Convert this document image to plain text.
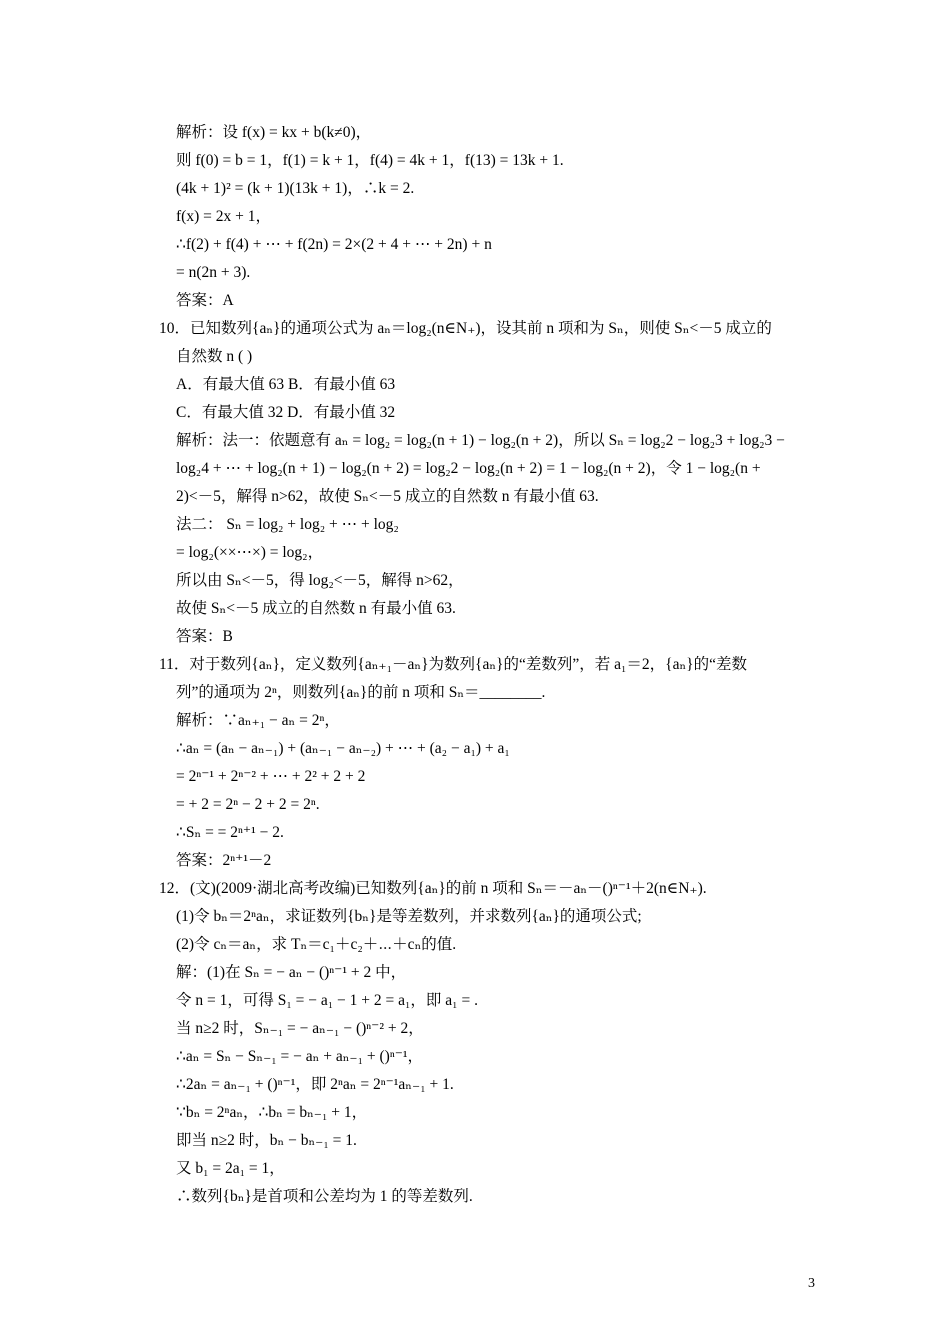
解析：设 f(x) = kx + b(k≠0)，
则 f(0) = b = 1，f(1) = k + 1，f(4) = 4k + 1，f(13) = 13k + 1.
(4k + 1)² = (k + 1)(13k + 1)，∴k = 2.
f(x) = 2x + 1，
∴f(2) + f(4) + ⋯ + f(2n) = 2×(2 + 4 + ⋯ + 2n) + n
= n(2n + 3).
答案：A
10．已知数列{aₙ}的通项公式为 aₙ＝log₂(n∈N₊)，设其前 n 项和为 Sₙ，则使 Sₙ<－5 成立的
自然数 n ( )
A．有最大值 63 B．有最小值 63
C．有最大值 32 D．有最小值 32
解析：法一：依题意有 aₙ = log₂ = log₂(n + 1) − log₂(n + 2)，所以 Sₙ = log₂2 − log₂3 + log₂3 −
log₂4 + ⋯ + log₂(n + 1) − log₂(n + 2) = log₂2 − log₂(n + 2) = 1 − log₂(n + 2)，令 1 − log₂(n +
2)<－5，解得 n>62，故使 Sₙ<－5 成立的自然数 n 有最小值 63.
法二： Sₙ = log₂ + log₂ + ⋯ + log₂
= log₂(××⋯×) = log₂，
所以由 Sₙ<－5，得 log₂<－5，解得 n>62，
故使 Sₙ<－5 成立的自然数 n 有最小值 63.
答案：B
11．对于数列{aₙ}，定义数列{aₙ₊₁－aₙ}为数列{aₙ}的“差数列”，若 a₁＝2，{aₙ}的“差数
列”的通项为 2ⁿ，则数列{aₙ}的前 n 项和 Sₙ＝________.
解析：∵aₙ₊₁ − aₙ = 2ⁿ，
∴aₙ = (aₙ − aₙ₋₁) + (aₙ₋₁ − aₙ₋₂) + ⋯ + (a₂ − a₁) + a₁
= 2ⁿ⁻¹ + 2ⁿ⁻² + ⋯ + 2² + 2 + 2
= + 2 = 2ⁿ − 2 + 2 = 2ⁿ.
∴Sₙ = = 2ⁿ⁺¹ − 2.
答案：2ⁿ⁺¹－2
12．(文)(2009·湖北高考改编)已知数列{aₙ}的前 n 项和 Sₙ＝－aₙ－()ⁿ⁻¹＋2(n∈N₊).
(1)令 bₙ＝2ⁿaₙ，求证数列{bₙ}是等差数列，并求数列{aₙ}的通项公式;
(2)令 cₙ＝aₙ，求 Tₙ＝c₁＋c₂＋⋯＋cₙ的值.
解：(1)在 Sₙ = − aₙ − ()ⁿ⁻¹ + 2 中，
令 n = 1，可得 S₁ = − a₁ − 1 + 2 = a₁，即 a₁ = .
当 n≥2 时，Sₙ₋₁ = − aₙ₋₁ − ()ⁿ⁻² + 2，
∴aₙ = Sₙ − Sₙ₋₁ = − aₙ + aₙ₋₁ + ()ⁿ⁻¹，
∴2aₙ = aₙ₋₁ + ()ⁿ⁻¹，即 2ⁿaₙ = 2ⁿ⁻¹aₙ₋₁ + 1.
∵bₙ = 2ⁿaₙ，∴bₙ = bₙ₋₁ + 1，
即当 n≥2 时，bₙ − bₙ₋₁ = 1.
又 b₁ = 2a₁ = 1，
∴数列{bₙ}是首项和公差均为 1 的等差数列.
3
